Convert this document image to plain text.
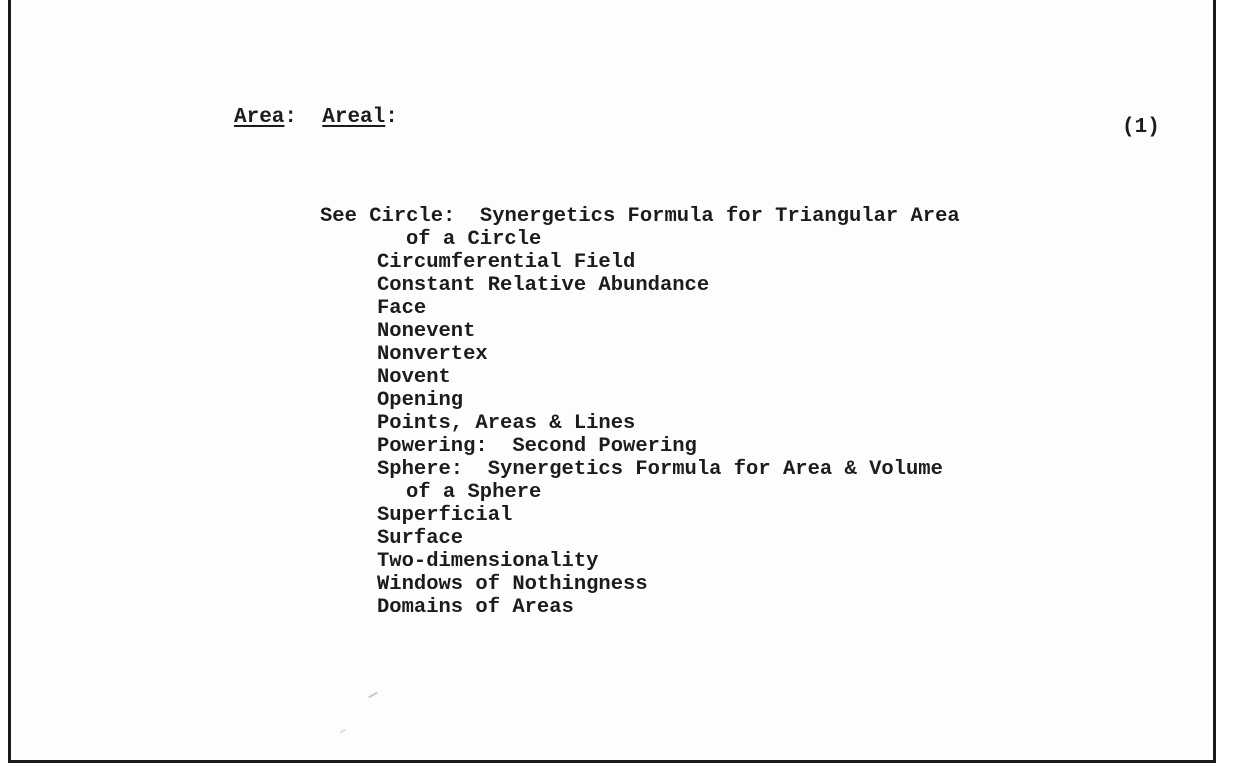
Area:  Areal:	(1)
See Circle:  Synergetics Formula for Triangular Area
of a Circle
Circumferential Field
Constant Relative Abundance
Face
Nonevent
Nonvertex
Novent
Opening
Points, Areas & Lines
Powering:  Second Powering
Sphere:  Synergetics Formula for Area & Volume
of a Sphere
Superficial
Surface
Two-dimensionality
Windows of Nothingness
Domains of Areas
